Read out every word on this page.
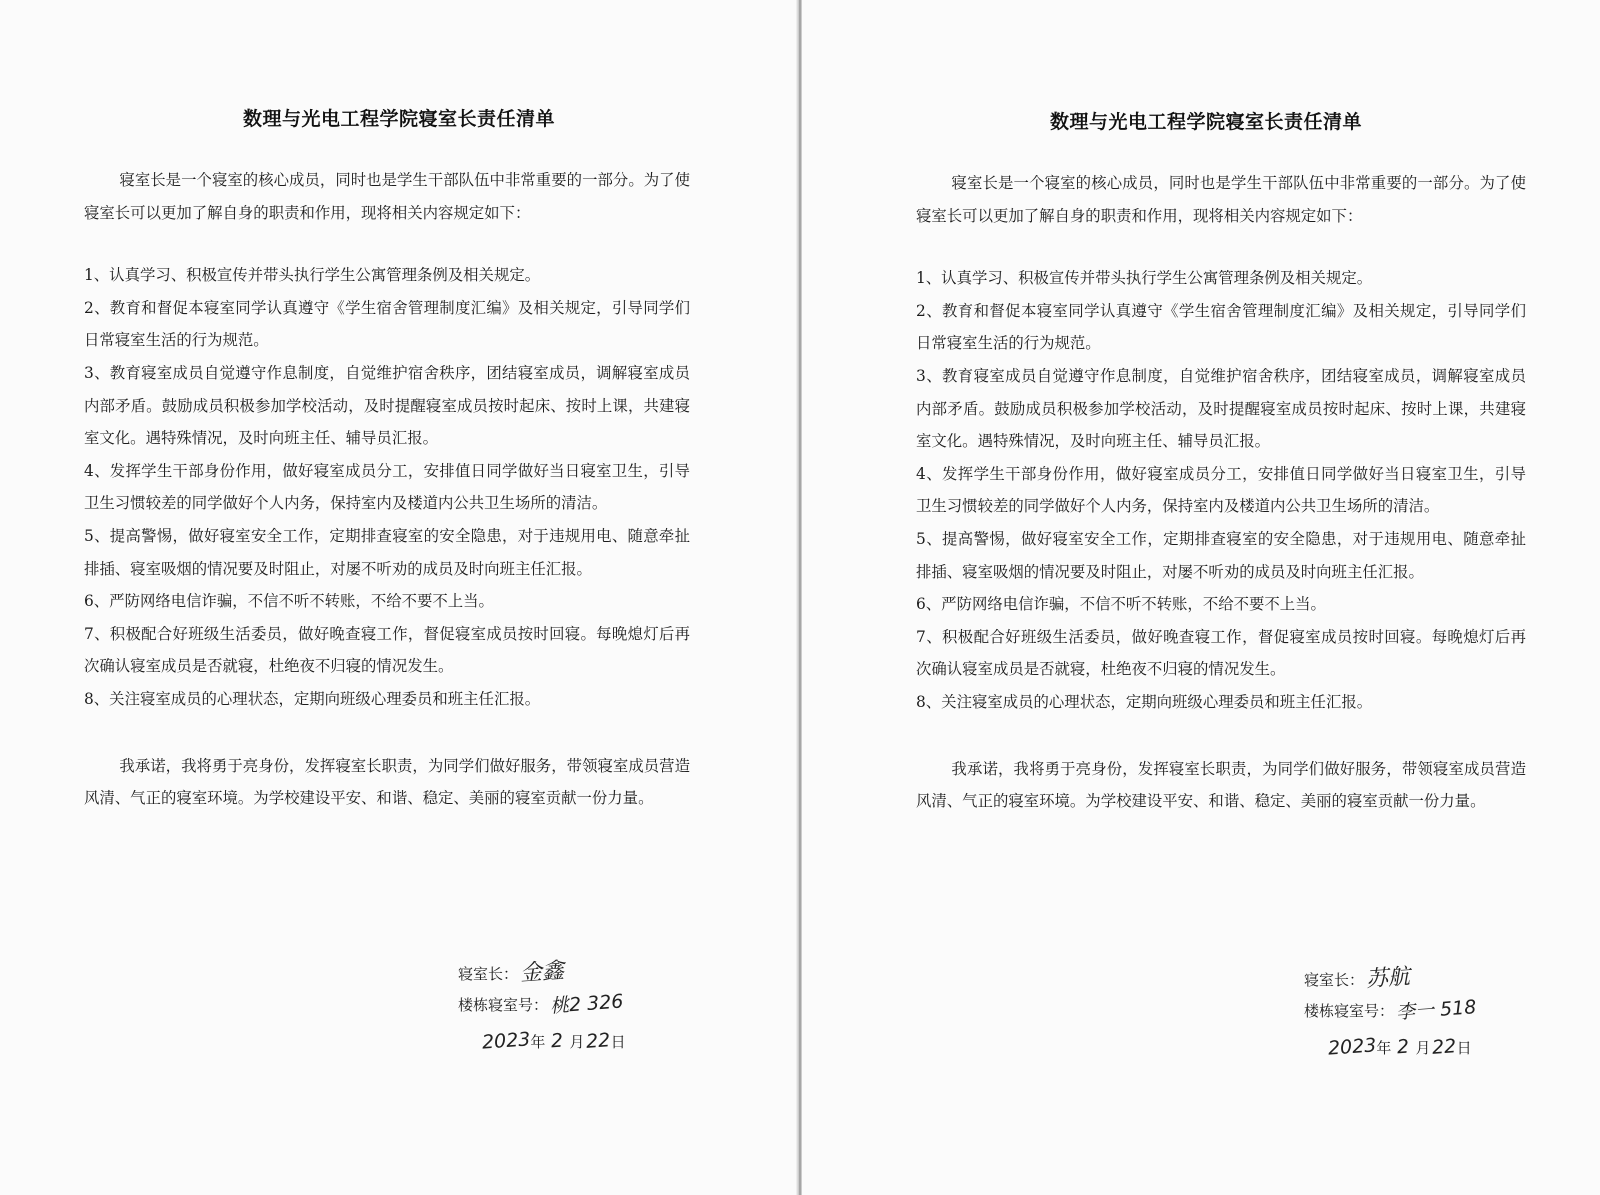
数理与光电工程学院寝室长责任清单

寝室长是一个寝室的核心成员，同时也是学生干部队伍中非常重要的一部分。为了使寝室长可以更加了解自身的职责和作用，现将相关内容规定如下：

1、认真学习、积极宣传并带头执行学生公寓管理条例及相关规定。

2、教育和督促本寝室同学认真遵守《学生宿舍管理制度汇编》及相关规定，引导同学们日常寝室生活的行为规范。

3、教育寝室成员自觉遵守作息制度，自觉维护宿舍秩序，团结寝室成员，调解寝室成员内部矛盾。鼓励成员积极参加学校活动，及时提醒寝室成员按时起床、按时上课，共建寝室文化。遇特殊情况，及时向班主任、辅导员汇报。

4、发挥学生干部身份作用，做好寝室成员分工，安排值日同学做好当日寝室卫生，引导卫生习惯较差的同学做好个人内务，保持室内及楼道内公共卫生场所的清洁。

5、提高警惕，做好寝室安全工作，定期排查寝室的安全隐患，对于违规用电、随意牵扯排插、寝室吸烟的情况要及时阻止，对屡不听劝的成员及时向班主任汇报。

6、严防网络电信诈骗，不信不听不转账，不给不要不上当。

7、积极配合好班级生活委员，做好晚查寝工作，督促寝室成员按时回寝。每晚熄灯后再次确认寝室成员是否就寝，杜绝夜不归寝的情况发生。

8、关注寝室成员的心理状态，定期向班级心理委员和班主任汇报。

我承诺，我将勇于亮身份，发挥寝室长职责，为同学们做好服务，带领寝室成员营造风清、气正的寝室环境。为学校建设平安、和谐、稳定、美丽的寝室贡献一份力量。

寝室长： 金鑫
楼栋寝室号： 桃2 326
2023 年 2 月 22 日
数理与光电工程学院寝室长责任清单

寝室长是一个寝室的核心成员，同时也是学生干部队伍中非常重要的一部分。为了使寝室长可以更加了解自身的职责和作用，现将相关内容规定如下：

1、认真学习、积极宣传并带头执行学生公寓管理条例及相关规定。

2、教育和督促本寝室同学认真遵守《学生宿舍管理制度汇编》及相关规定，引导同学们日常寝室生活的行为规范。

3、教育寝室成员自觉遵守作息制度，自觉维护宿舍秩序，团结寝室成员，调解寝室成员内部矛盾。鼓励成员积极参加学校活动，及时提醒寝室成员按时起床、按时上课，共建寝室文化。遇特殊情况，及时向班主任、辅导员汇报。

4、发挥学生干部身份作用，做好寝室成员分工，安排值日同学做好当日寝室卫生，引导卫生习惯较差的同学做好个人内务，保持室内及楼道内公共卫生场所的清洁。

5、提高警惕，做好寝室安全工作，定期排查寝室的安全隐患，对于违规用电、随意牵扯排插、寝室吸烟的情况要及时阻止，对屡不听劝的成员及时向班主任汇报。

6、严防网络电信诈骗，不信不听不转账，不给不要不上当。

7、积极配合好班级生活委员，做好晚查寝工作，督促寝室成员按时回寝。每晚熄灯后再次确认寝室成员是否就寝，杜绝夜不归寝的情况发生。

8、关注寝室成员的心理状态，定期向班级心理委员和班主任汇报。

我承诺，我将勇于亮身份，发挥寝室长职责，为同学们做好服务，带领寝室成员营造风清、气正的寝室环境。为学校建设平安、和谐、稳定、美丽的寝室贡献一份力量。

寝室长： 苏航
楼栋寝室号： 李一 518
2023 年 2 月 22 日
